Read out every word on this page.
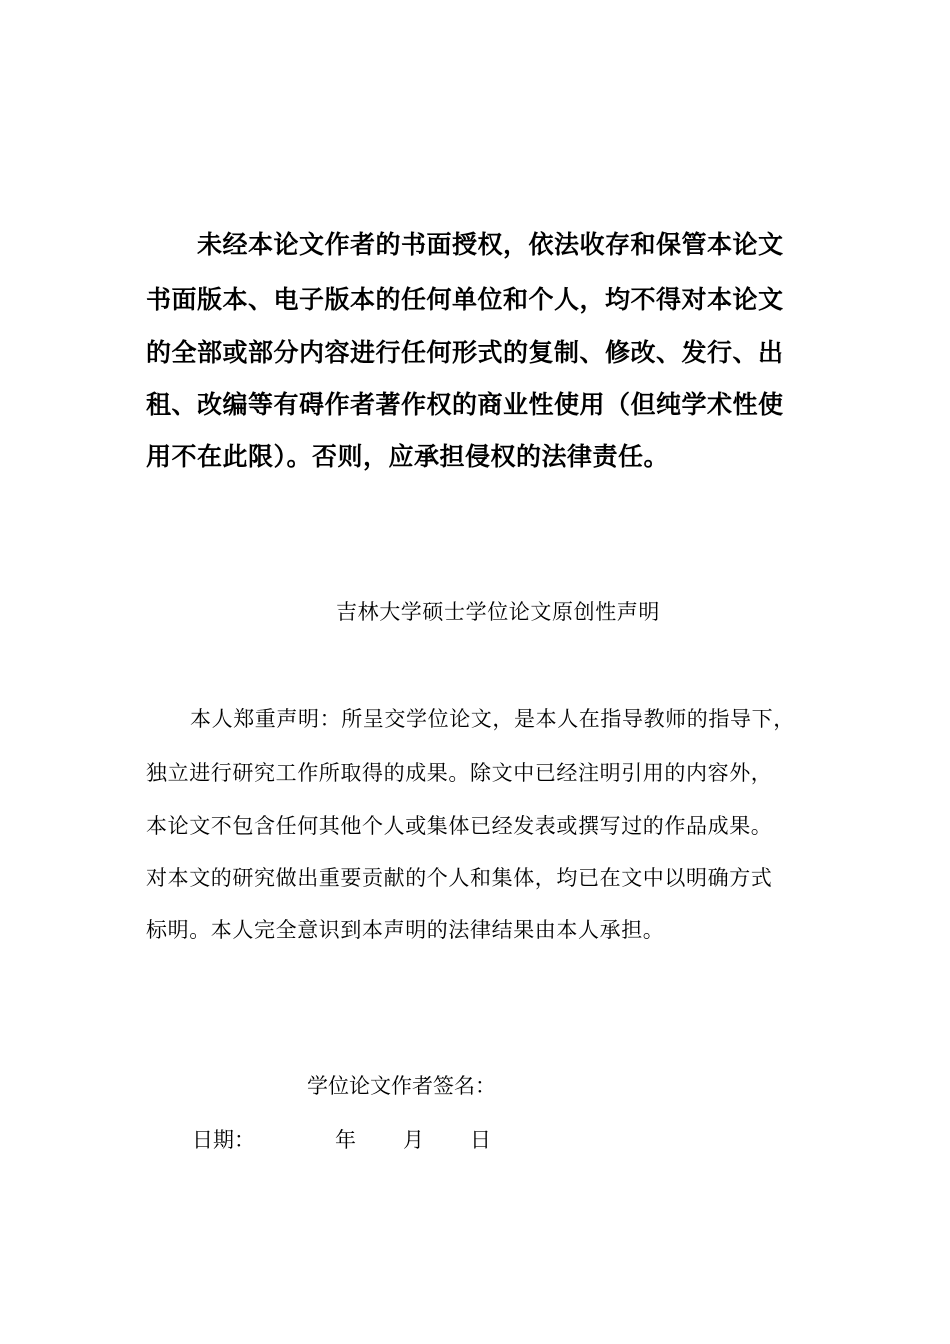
未经本论文作者的书面授权，依法收存和保管本论文
书面版本、电子版本的任何单位和个人，均不得对本论文
的全部或部分内容进行任何形式的复制、修改、发行、出
租、改编等有碍作者著作权的商业性使用（但纯学术性使
用不在此限）。否则，应承担侵权的法律责任。
吉林大学硕士学位论文原创性声明
本人郑重声明：所呈交学位论文，是本人在指导教师的指导下，
独立进行研究工作所取得的成果。除文中已经注明引用的内容外，
本论文不包含任何其他个人或集体已经发表或撰写过的作品成果。
对本文的研究做出重要贡献的个人和集体，均已在文中以明确方式
标明。本人完全意识到本声明的法律结果由本人承担。
学位论文作者签名：
日期：	年 月 日
